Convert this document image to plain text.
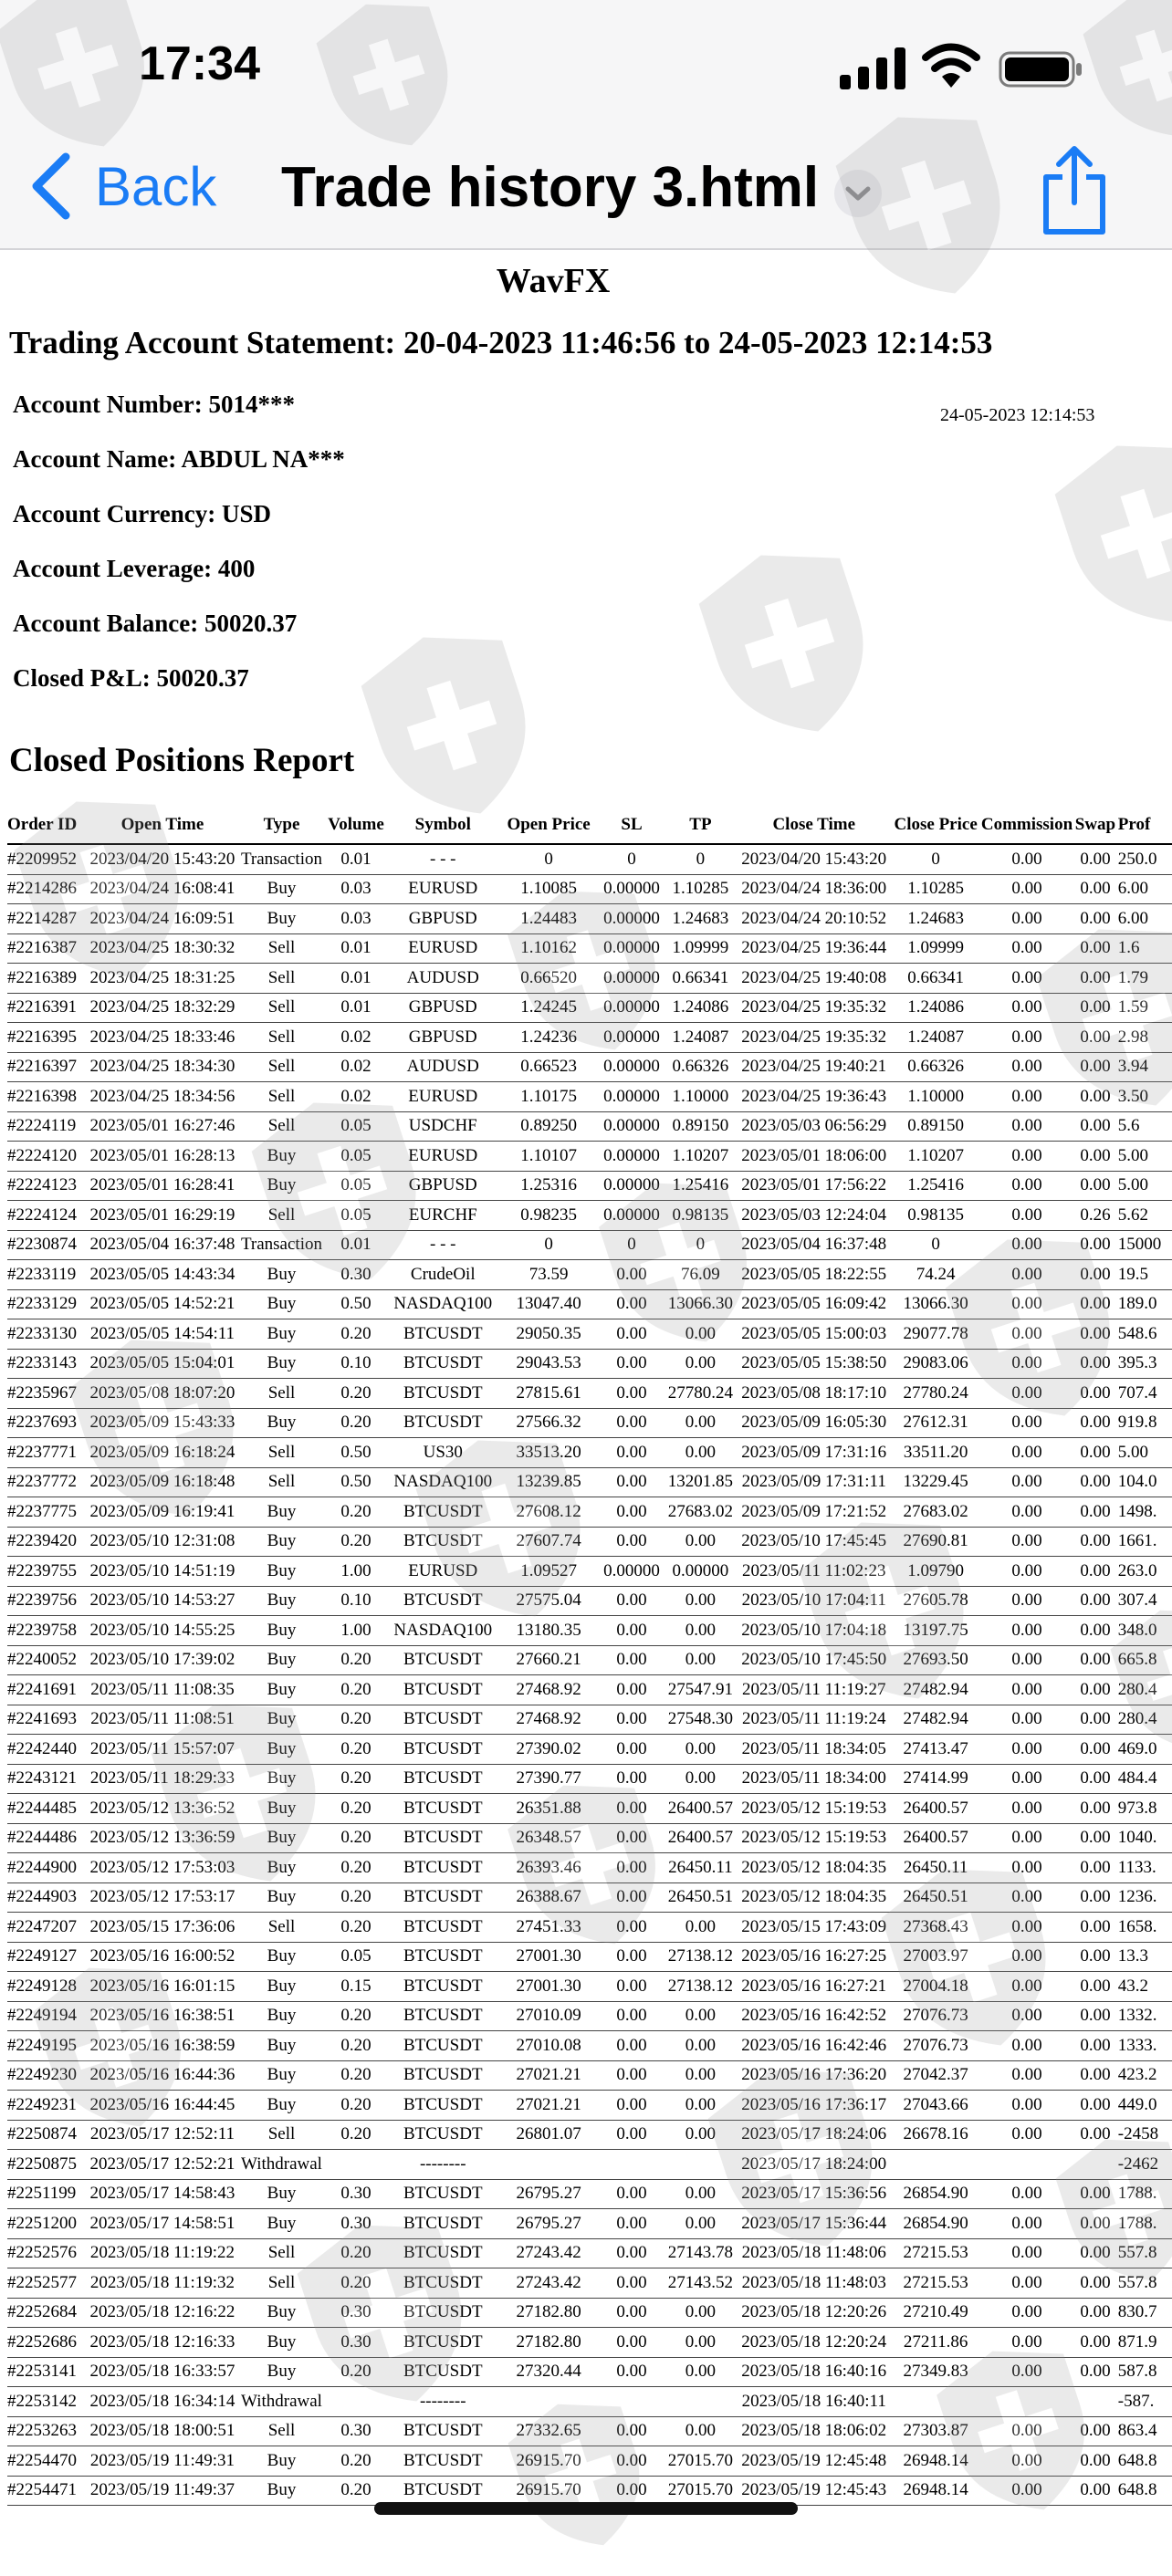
17:34
Back Trade history 3.html
WavFX
Trading Account Statement: 20-04-2023 11:46:56 to 24-05-2023 12:14:53
24-05-2023 12:14:53
Account Number: 5014***
Account Name: ABDUL NA***
Account Currency: USD
Account Leverage: 400
Account Balance: 50020.37
Closed P&L: 50020.37
Closed Positions Report
Order ID	Open Time	Type	Volume	Symbol	Open Price	SL	TP	Close Time	Close Price	Commission	Swap	Prof
#2209952	2023/04/20 15:43:20	Transaction	0.01	- - -	0	0	0	2023/04/20 15:43:20	0	0.00	0.00	250.0
#2214286	2023/04/24 16:08:41	Buy	0.03	EURUSD	1.10085	0.00000	1.10285	2023/04/24 18:36:00	1.10285	0.00	0.00	6.00
#2214287	2023/04/24 16:09:51	Buy	0.03	GBPUSD	1.24483	0.00000	1.24683	2023/04/24 20:10:52	1.24683	0.00	0.00	6.00
#2216387	2023/04/25 18:30:32	Sell	0.01	EURUSD	1.10162	0.00000	1.09999	2023/04/25 19:36:44	1.09999	0.00	0.00	1.6
#2216389	2023/04/25 18:31:25	Sell	0.01	AUDUSD	0.66520	0.00000	0.66341	2023/04/25 19:40:08	0.66341	0.00	0.00	1.79
#2216391	2023/04/25 18:32:29	Sell	0.01	GBPUSD	1.24245	0.00000	1.24086	2023/04/25 19:35:32	1.24086	0.00	0.00	1.59
#2216395	2023/04/25 18:33:46	Sell	0.02	GBPUSD	1.24236	0.00000	1.24087	2023/04/25 19:35:32	1.24087	0.00	0.00	2.98
#2216397	2023/04/25 18:34:30	Sell	0.02	AUDUSD	0.66523	0.00000	0.66326	2023/04/25 19:40:21	0.66326	0.00	0.00	3.94
#2216398	2023/04/25 18:34:56	Sell	0.02	EURUSD	1.10175	0.00000	1.10000	2023/04/25 19:36:43	1.10000	0.00	0.00	3.50
#2224119	2023/05/01 16:27:46	Sell	0.05	USDCHF	0.89250	0.00000	0.89150	2023/05/03 06:56:29	0.89150	0.00	0.00	5.6
#2224120	2023/05/01 16:28:13	Buy	0.05	EURUSD	1.10107	0.00000	1.10207	2023/05/01 18:06:00	1.10207	0.00	0.00	5.00
#2224123	2023/05/01 16:28:41	Buy	0.05	GBPUSD	1.25316	0.00000	1.25416	2023/05/01 17:56:22	1.25416	0.00	0.00	5.00
#2224124	2023/05/01 16:29:19	Sell	0.05	EURCHF	0.98235	0.00000	0.98135	2023/05/03 12:24:04	0.98135	0.00	0.26	5.62
#2230874	2023/05/04 16:37:48	Transaction	0.01	- - -	0	0	0	2023/05/04 16:37:48	0	0.00	0.00	15000
#2233119	2023/05/05 14:43:34	Buy	0.30	CrudeOil	73.59	0.00	76.09	2023/05/05 18:22:55	74.24	0.00	0.00	19.5
#2233129	2023/05/05 14:52:21	Buy	0.50	NASDAQ100	13047.40	0.00	13066.30	2023/05/05 16:09:42	13066.30	0.00	0.00	189.0
#2233130	2023/05/05 14:54:11	Buy	0.20	BTCUSDT	29050.35	0.00	0.00	2023/05/05 15:00:03	29077.78	0.00	0.00	548.6
#2233143	2023/05/05 15:04:01	Buy	0.10	BTCUSDT	29043.53	0.00	0.00	2023/05/05 15:38:50	29083.06	0.00	0.00	395.3
#2235967	2023/05/08 18:07:20	Sell	0.20	BTCUSDT	27815.61	0.00	27780.24	2023/05/08 18:17:10	27780.24	0.00	0.00	707.4
#2237693	2023/05/09 15:43:33	Buy	0.20	BTCUSDT	27566.32	0.00	0.00	2023/05/09 16:05:30	27612.31	0.00	0.00	919.8
#2237771	2023/05/09 16:18:24	Sell	0.50	US30	33513.20	0.00	0.00	2023/05/09 17:31:16	33511.20	0.00	0.00	5.00
#2237772	2023/05/09 16:18:48	Sell	0.50	NASDAQ100	13239.85	0.00	13201.85	2023/05/09 17:31:11	13229.45	0.00	0.00	104.0
#2237775	2023/05/09 16:19:41	Buy	0.20	BTCUSDT	27608.12	0.00	27683.02	2023/05/09 17:21:52	27683.02	0.00	0.00	1498.
#2239420	2023/05/10 12:31:08	Buy	0.20	BTCUSDT	27607.74	0.00	0.00	2023/05/10 17:45:45	27690.81	0.00	0.00	1661.
#2239755	2023/05/10 14:51:19	Buy	1.00	EURUSD	1.09527	0.00000	0.00000	2023/05/11 11:02:23	1.09790	0.00	0.00	263.0
#2239756	2023/05/10 14:53:27	Buy	0.10	BTCUSDT	27575.04	0.00	0.00	2023/05/10 17:04:11	27605.78	0.00	0.00	307.4
#2239758	2023/05/10 14:55:25	Buy	1.00	NASDAQ100	13180.35	0.00	0.00	2023/05/10 17:04:18	13197.75	0.00	0.00	348.0
#2240052	2023/05/10 17:39:02	Buy	0.20	BTCUSDT	27660.21	0.00	0.00	2023/05/10 17:45:50	27693.50	0.00	0.00	665.8
#2241691	2023/05/11 11:08:35	Buy	0.20	BTCUSDT	27468.92	0.00	27547.91	2023/05/11 11:19:27	27482.94	0.00	0.00	280.4
#2241693	2023/05/11 11:08:51	Buy	0.20	BTCUSDT	27468.92	0.00	27548.30	2023/05/11 11:19:24	27482.94	0.00	0.00	280.4
#2242440	2023/05/11 15:57:07	Buy	0.20	BTCUSDT	27390.02	0.00	0.00	2023/05/11 18:34:05	27413.47	0.00	0.00	469.0
#2243121	2023/05/11 18:29:33	Buy	0.20	BTCUSDT	27390.77	0.00	0.00	2023/05/11 18:34:00	27414.99	0.00	0.00	484.4
#2244485	2023/05/12 13:36:52	Buy	0.20	BTCUSDT	26351.88	0.00	26400.57	2023/05/12 15:19:53	26400.57	0.00	0.00	973.8
#2244486	2023/05/12 13:36:59	Buy	0.20	BTCUSDT	26348.57	0.00	26400.57	2023/05/12 15:19:53	26400.57	0.00	0.00	1040.
#2244900	2023/05/12 17:53:03	Buy	0.20	BTCUSDT	26393.46	0.00	26450.11	2023/05/12 18:04:35	26450.11	0.00	0.00	1133.
#2244903	2023/05/12 17:53:17	Buy	0.20	BTCUSDT	26388.67	0.00	26450.51	2023/05/12 18:04:35	26450.51	0.00	0.00	1236.
#2247207	2023/05/15 17:36:06	Sell	0.20	BTCUSDT	27451.33	0.00	0.00	2023/05/15 17:43:09	27368.43	0.00	0.00	1658.
#2249127	2023/05/16 16:00:52	Buy	0.05	BTCUSDT	27001.30	0.00	27138.12	2023/05/16 16:27:25	27003.97	0.00	0.00	13.3
#2249128	2023/05/16 16:01:15	Buy	0.15	BTCUSDT	27001.30	0.00	27138.12	2023/05/16 16:27:21	27004.18	0.00	0.00	43.2
#2249194	2023/05/16 16:38:51	Buy	0.20	BTCUSDT	27010.09	0.00	0.00	2023/05/16 16:42:52	27076.73	0.00	0.00	1332.
#2249195	2023/05/16 16:38:59	Buy	0.20	BTCUSDT	27010.08	0.00	0.00	2023/05/16 16:42:46	27076.73	0.00	0.00	1333.
#2249230	2023/05/16 16:44:36	Buy	0.20	BTCUSDT	27021.21	0.00	0.00	2023/05/16 17:36:20	27042.37	0.00	0.00	423.2
#2249231	2023/05/16 16:44:45	Buy	0.20	BTCUSDT	27021.21	0.00	0.00	2023/05/16 17:36:17	27043.66	0.00	0.00	449.0
#2250874	2023/05/17 12:52:11	Sell	0.20	BTCUSDT	26801.07	0.00	0.00	2023/05/17 18:24:06	26678.16	0.00	0.00	-2458
#2250875	2023/05/17 12:52:21	Withdrawal		--------				2023/05/17 18:24:00				-2462
#2251199	2023/05/17 14:58:43	Buy	0.30	BTCUSDT	26795.27	0.00	0.00	2023/05/17 15:36:56	26854.90	0.00	0.00	1788.
#2251200	2023/05/17 14:58:51	Buy	0.30	BTCUSDT	26795.27	0.00	0.00	2023/05/17 15:36:44	26854.90	0.00	0.00	1788.
#2252576	2023/05/18 11:19:22	Sell	0.20	BTCUSDT	27243.42	0.00	27143.78	2023/05/18 11:48:06	27215.53	0.00	0.00	557.8
#2252577	2023/05/18 11:19:32	Sell	0.20	BTCUSDT	27243.42	0.00	27143.52	2023/05/18 11:48:03	27215.53	0.00	0.00	557.8
#2252684	2023/05/18 12:16:22	Buy	0.30	BTCUSDT	27182.80	0.00	0.00	2023/05/18 12:20:26	27210.49	0.00	0.00	830.7
#2252686	2023/05/18 12:16:33	Buy	0.30	BTCUSDT	27182.80	0.00	0.00	2023/05/18 12:20:24	27211.86	0.00	0.00	871.9
#2253141	2023/05/18 16:33:57	Buy	0.20	BTCUSDT	27320.44	0.00	0.00	2023/05/18 16:40:16	27349.83	0.00	0.00	587.8
#2253142	2023/05/18 16:34:14	Withdrawal		--------				2023/05/18 16:40:11				-587.
#2253263	2023/05/18 18:00:51	Sell	0.30	BTCUSDT	27332.65	0.00	0.00	2023/05/18 18:06:02	27303.87	0.00	0.00	863.4
#2254470	2023/05/19 11:49:31	Buy	0.20	BTCUSDT	26915.70	0.00	27015.70	2023/05/19 12:45:48	26948.14	0.00	0.00	648.8
#2254471	2023/05/19 11:49:37	Buy	0.20	BTCUSDT	26915.70	0.00	27015.70	2023/05/19 12:45:43	26948.14	0.00	0.00	648.8
